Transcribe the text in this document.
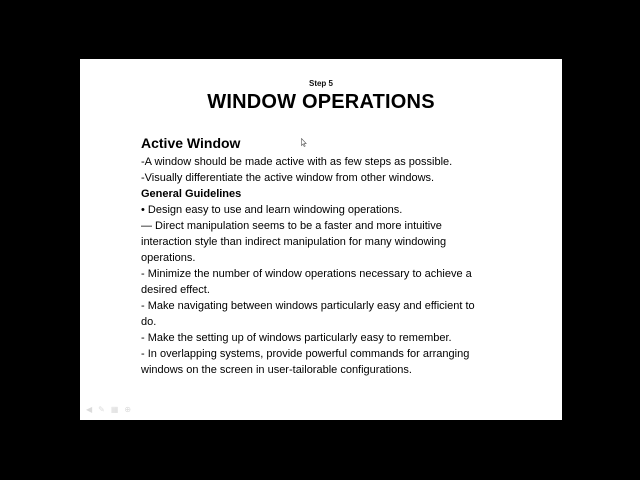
Step 5
WINDOW OPERATIONS
Active Window
-A window should be made active with as few steps as possible.
-Visually differentiate the active window from other windows.
General Guidelines
• Design easy to use and learn windowing operations.
— Direct manipulation seems to be a faster and more intuitive
interaction style than indirect manipulation for many windowing
operations.
- Minimize the number of window operations necessary to achieve a
desired effect.
- Make navigating between windows particularly easy and efficient to
do.
- Make the setting up of windows particularly easy to remember.
- In overlapping systems, provide powerful commands for arranging
windows on the screen in user-tailorable configurations.
◀ ✎ ▦ ⊕
